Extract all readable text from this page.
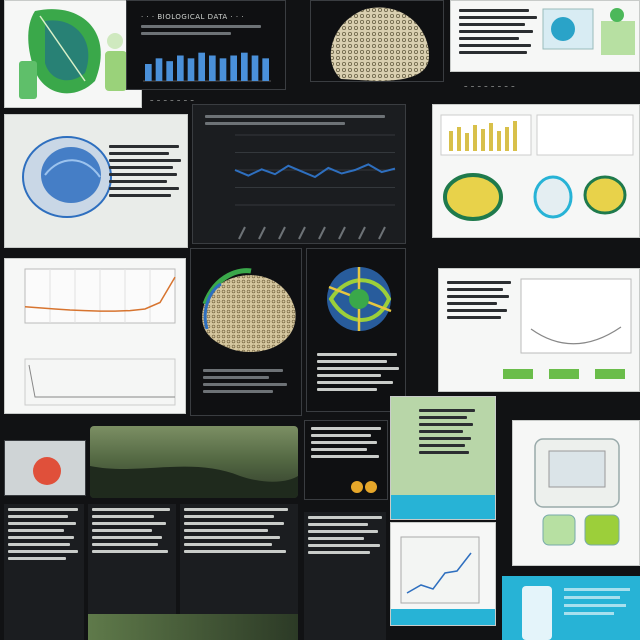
· · · BIOLOGICAL DATA · · ·
– – – – – – – –
– – – – – – –
